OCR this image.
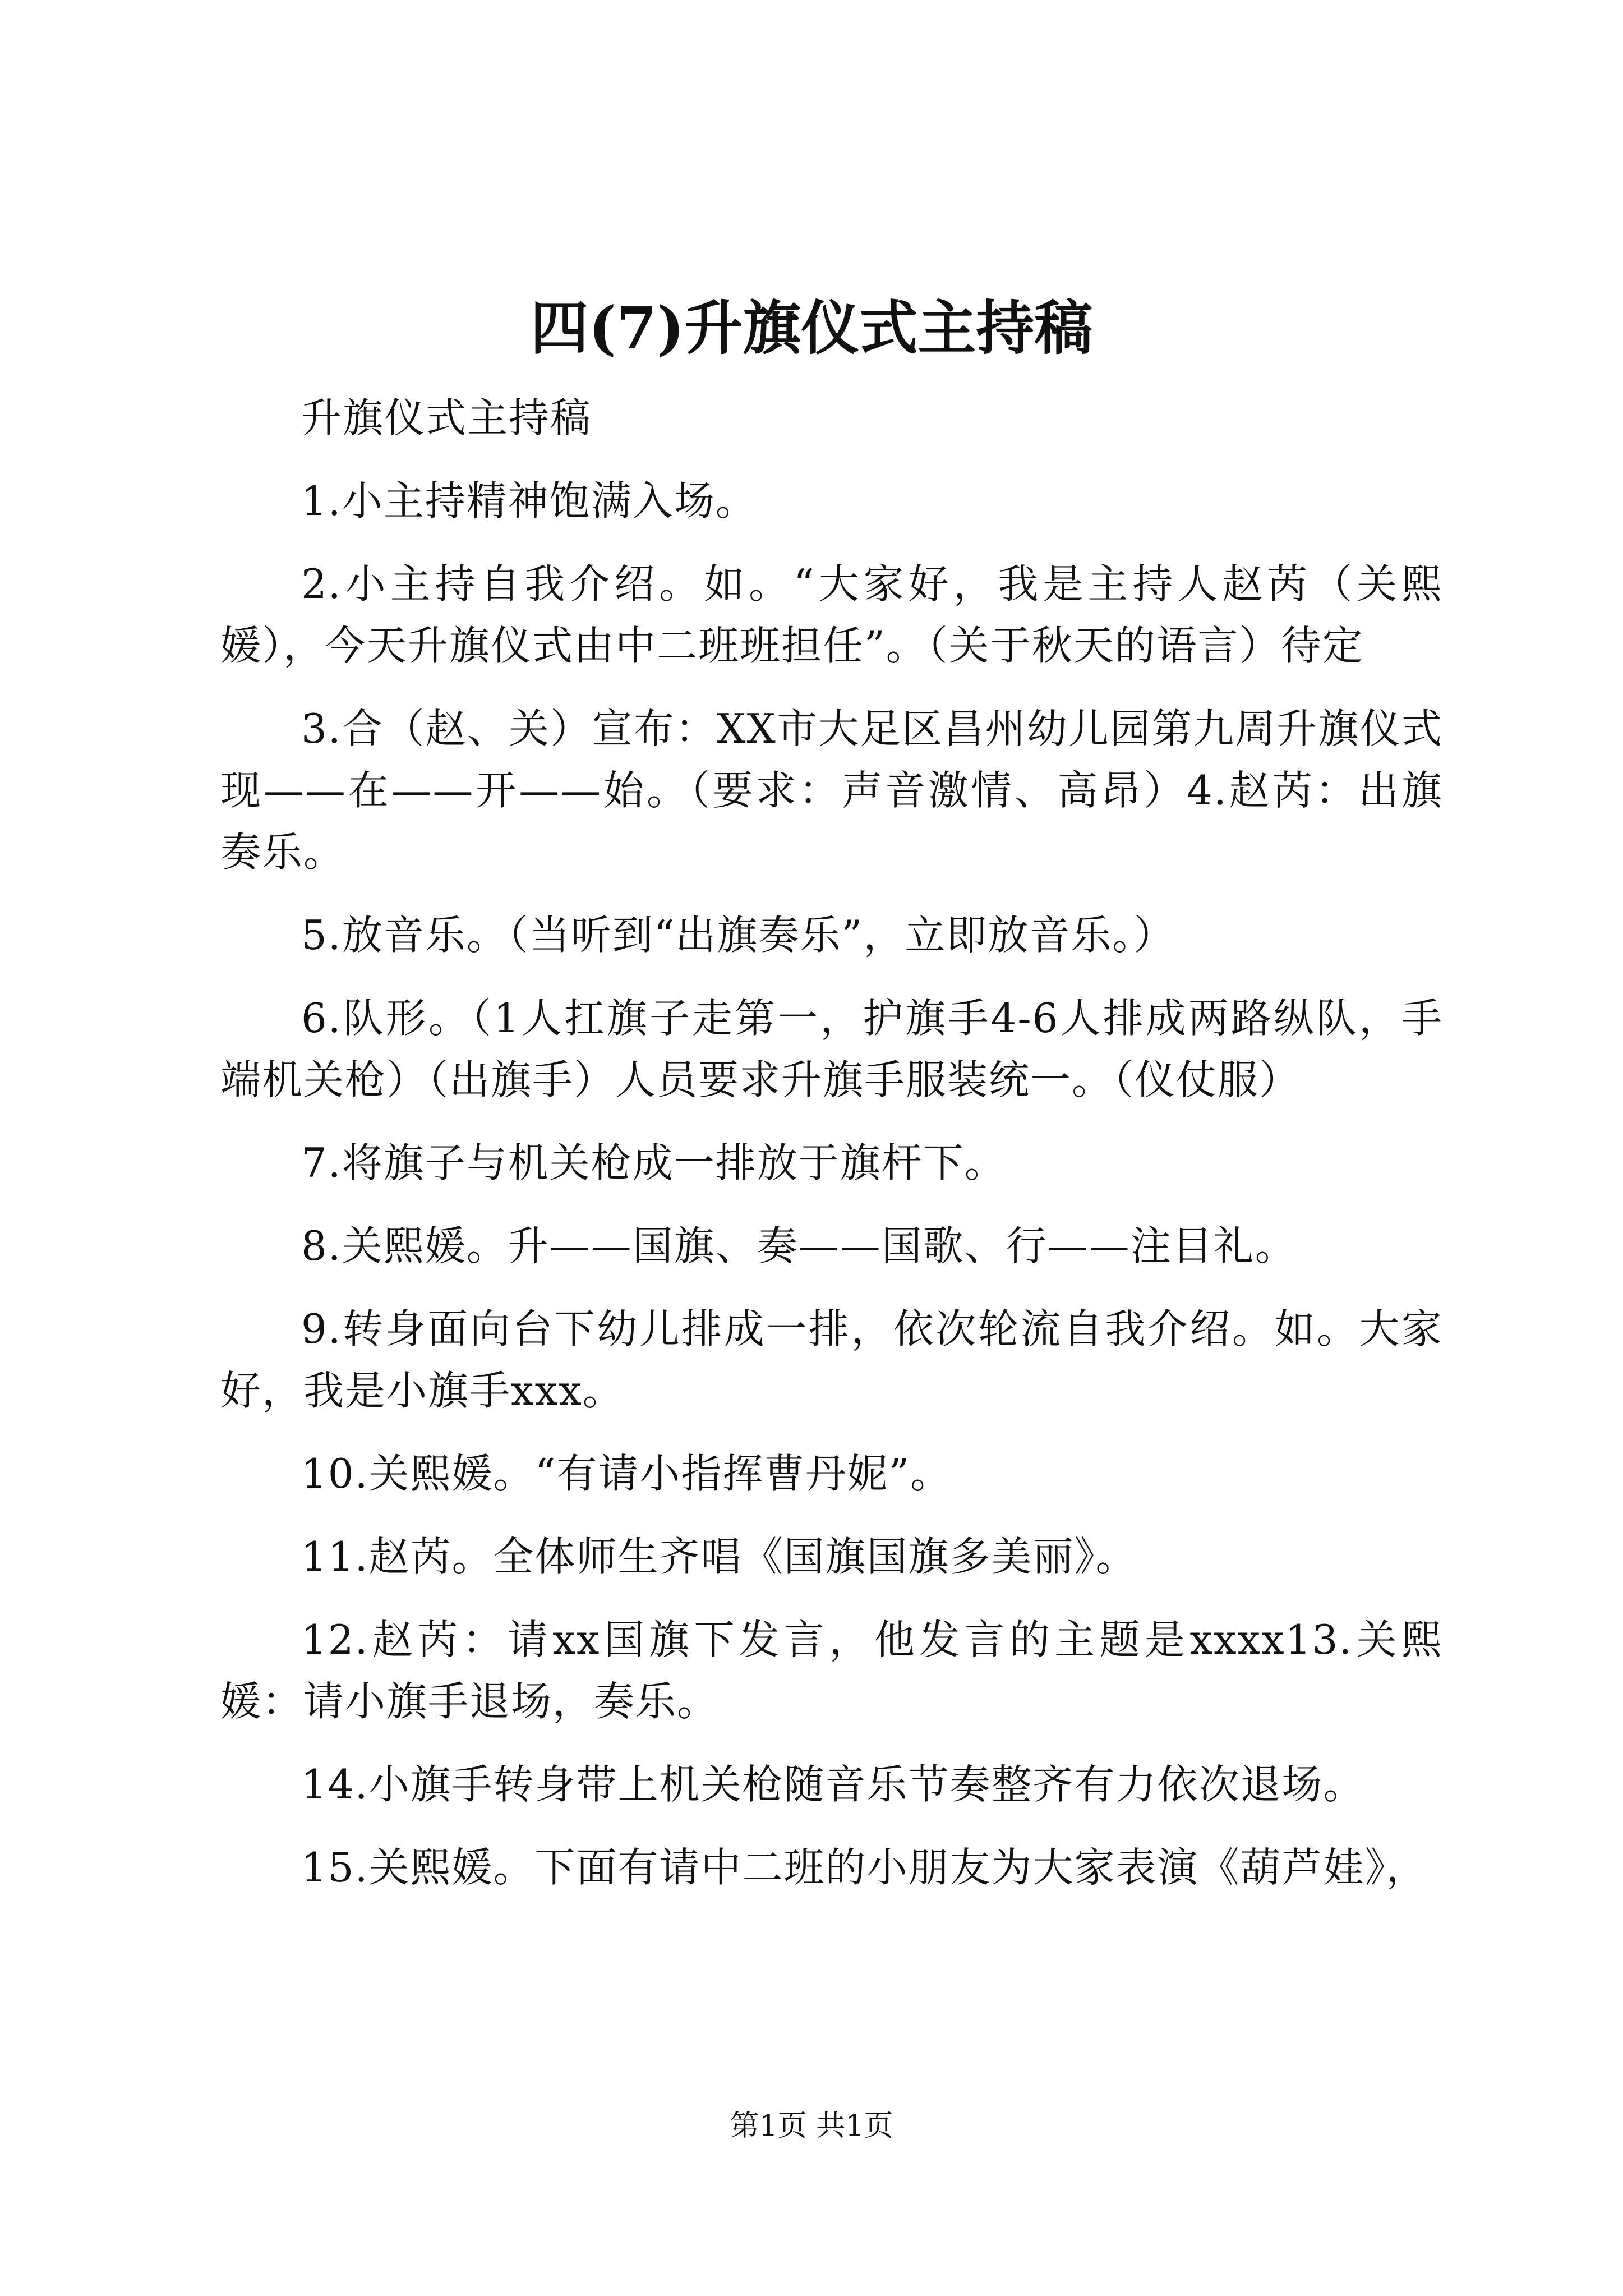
四(7)升旗仪式主持稿

升旗仪式主持稿

1.小主持精神饱满入场。

2.小主持自我介绍。如。“大家好，我是主持人赵芮（关熙媛），今天升旗仪式由中二班班担任”。（关于秋天的语言）待定

3.合（赵、关）宣布：XX市大足区昌州幼儿园第九周升旗仪式现——在——开——始。（要求：声音激情、高昂）4.赵芮：出旗奏乐。

5.放音乐。（当听到“出旗奏乐”，立即放音乐。）

6.队形。（1人扛旗子走第一，护旗手4-6人排成两路纵队，手端机关枪）（出旗手）人员要求升旗手服装统一。（仪仗服）

7.将旗子与机关枪成一排放于旗杆下。

8.关熙媛。升——国旗、奏——国歌、行——注目礼。

9.转身面向台下幼儿排成一排，依次轮流自我介绍。如。大家好，我是小旗手xxx。

10.关熙媛。“有请小指挥曹丹妮”。

11.赵芮。全体师生齐唱《国旗国旗多美丽》。

12.赵芮：请xx国旗下发言，他发言的主题是xxxx13.关熙媛：请小旗手退场，奏乐。

14.小旗手转身带上机关枪随音乐节奏整齐有力依次退场。

15.关熙媛。下面有请中二班的小朋友为大家表演《葫芦娃》，

第1页 共1页
